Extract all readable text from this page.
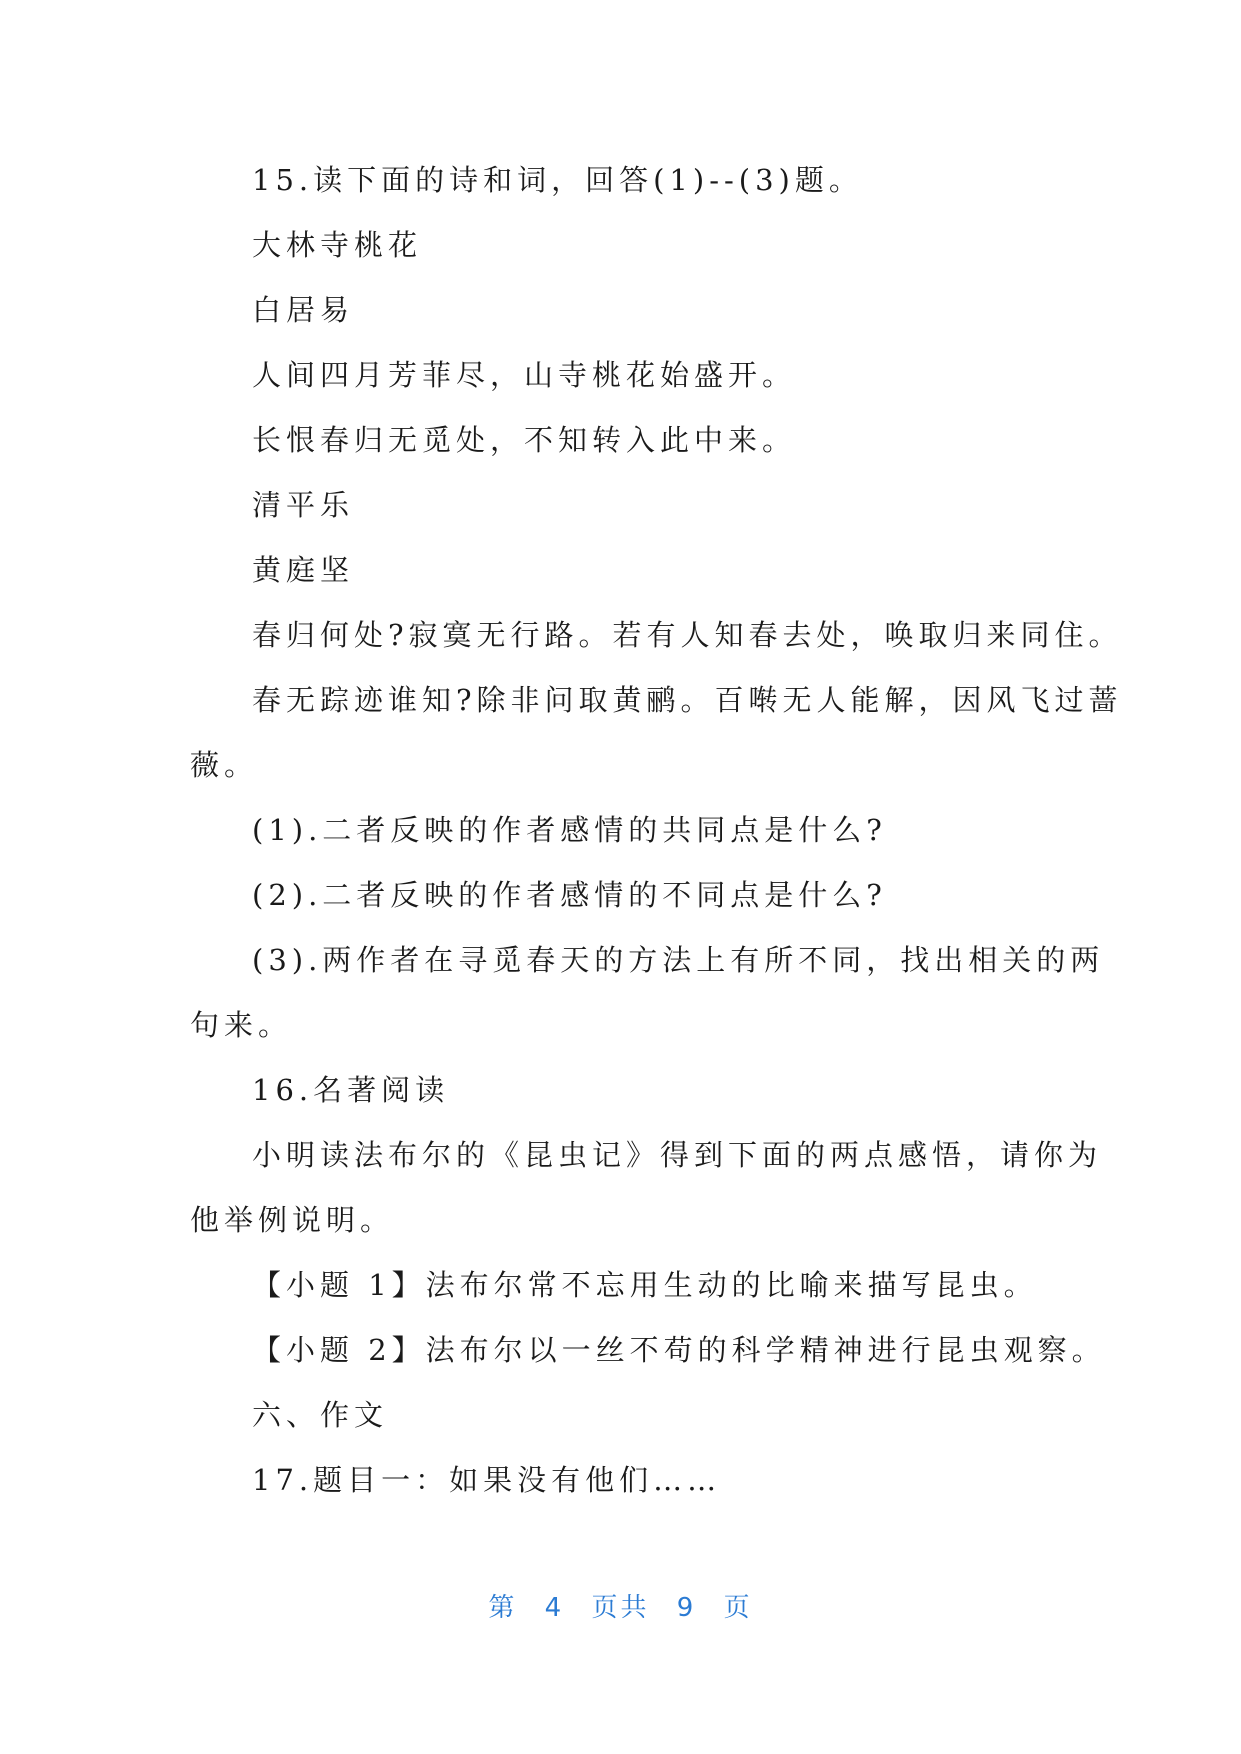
15.读下面的诗和词，回答(1)--(3)题。
大林寺桃花
白居易
人间四月芳菲尽，山寺桃花始盛开。
长恨春归无觅处，不知转入此中来。
清平乐
黄庭坚
春归何处?寂寞无行路。若有人知春去处，唤取归来同住。
春无踪迹谁知?除非问取黄鹂。百啭无人能解，因风飞过蔷
薇。
(1).二者反映的作者感情的共同点是什么?
(2).二者反映的作者感情的不同点是什么?
(3).两作者在寻觅春天的方法上有所不同，找出相关的两
句来。
16.名著阅读
小明读法布尔的《昆虫记》得到下面的两点感悟，请你为
他举例说明。
【小题 1】法布尔常不忘用生动的比喻来描写昆虫。
【小题 2】法布尔以一丝不苟的科学精神进行昆虫观察。
六、作文
17.题目一：如果没有他们……
第 4 页共 9 页
